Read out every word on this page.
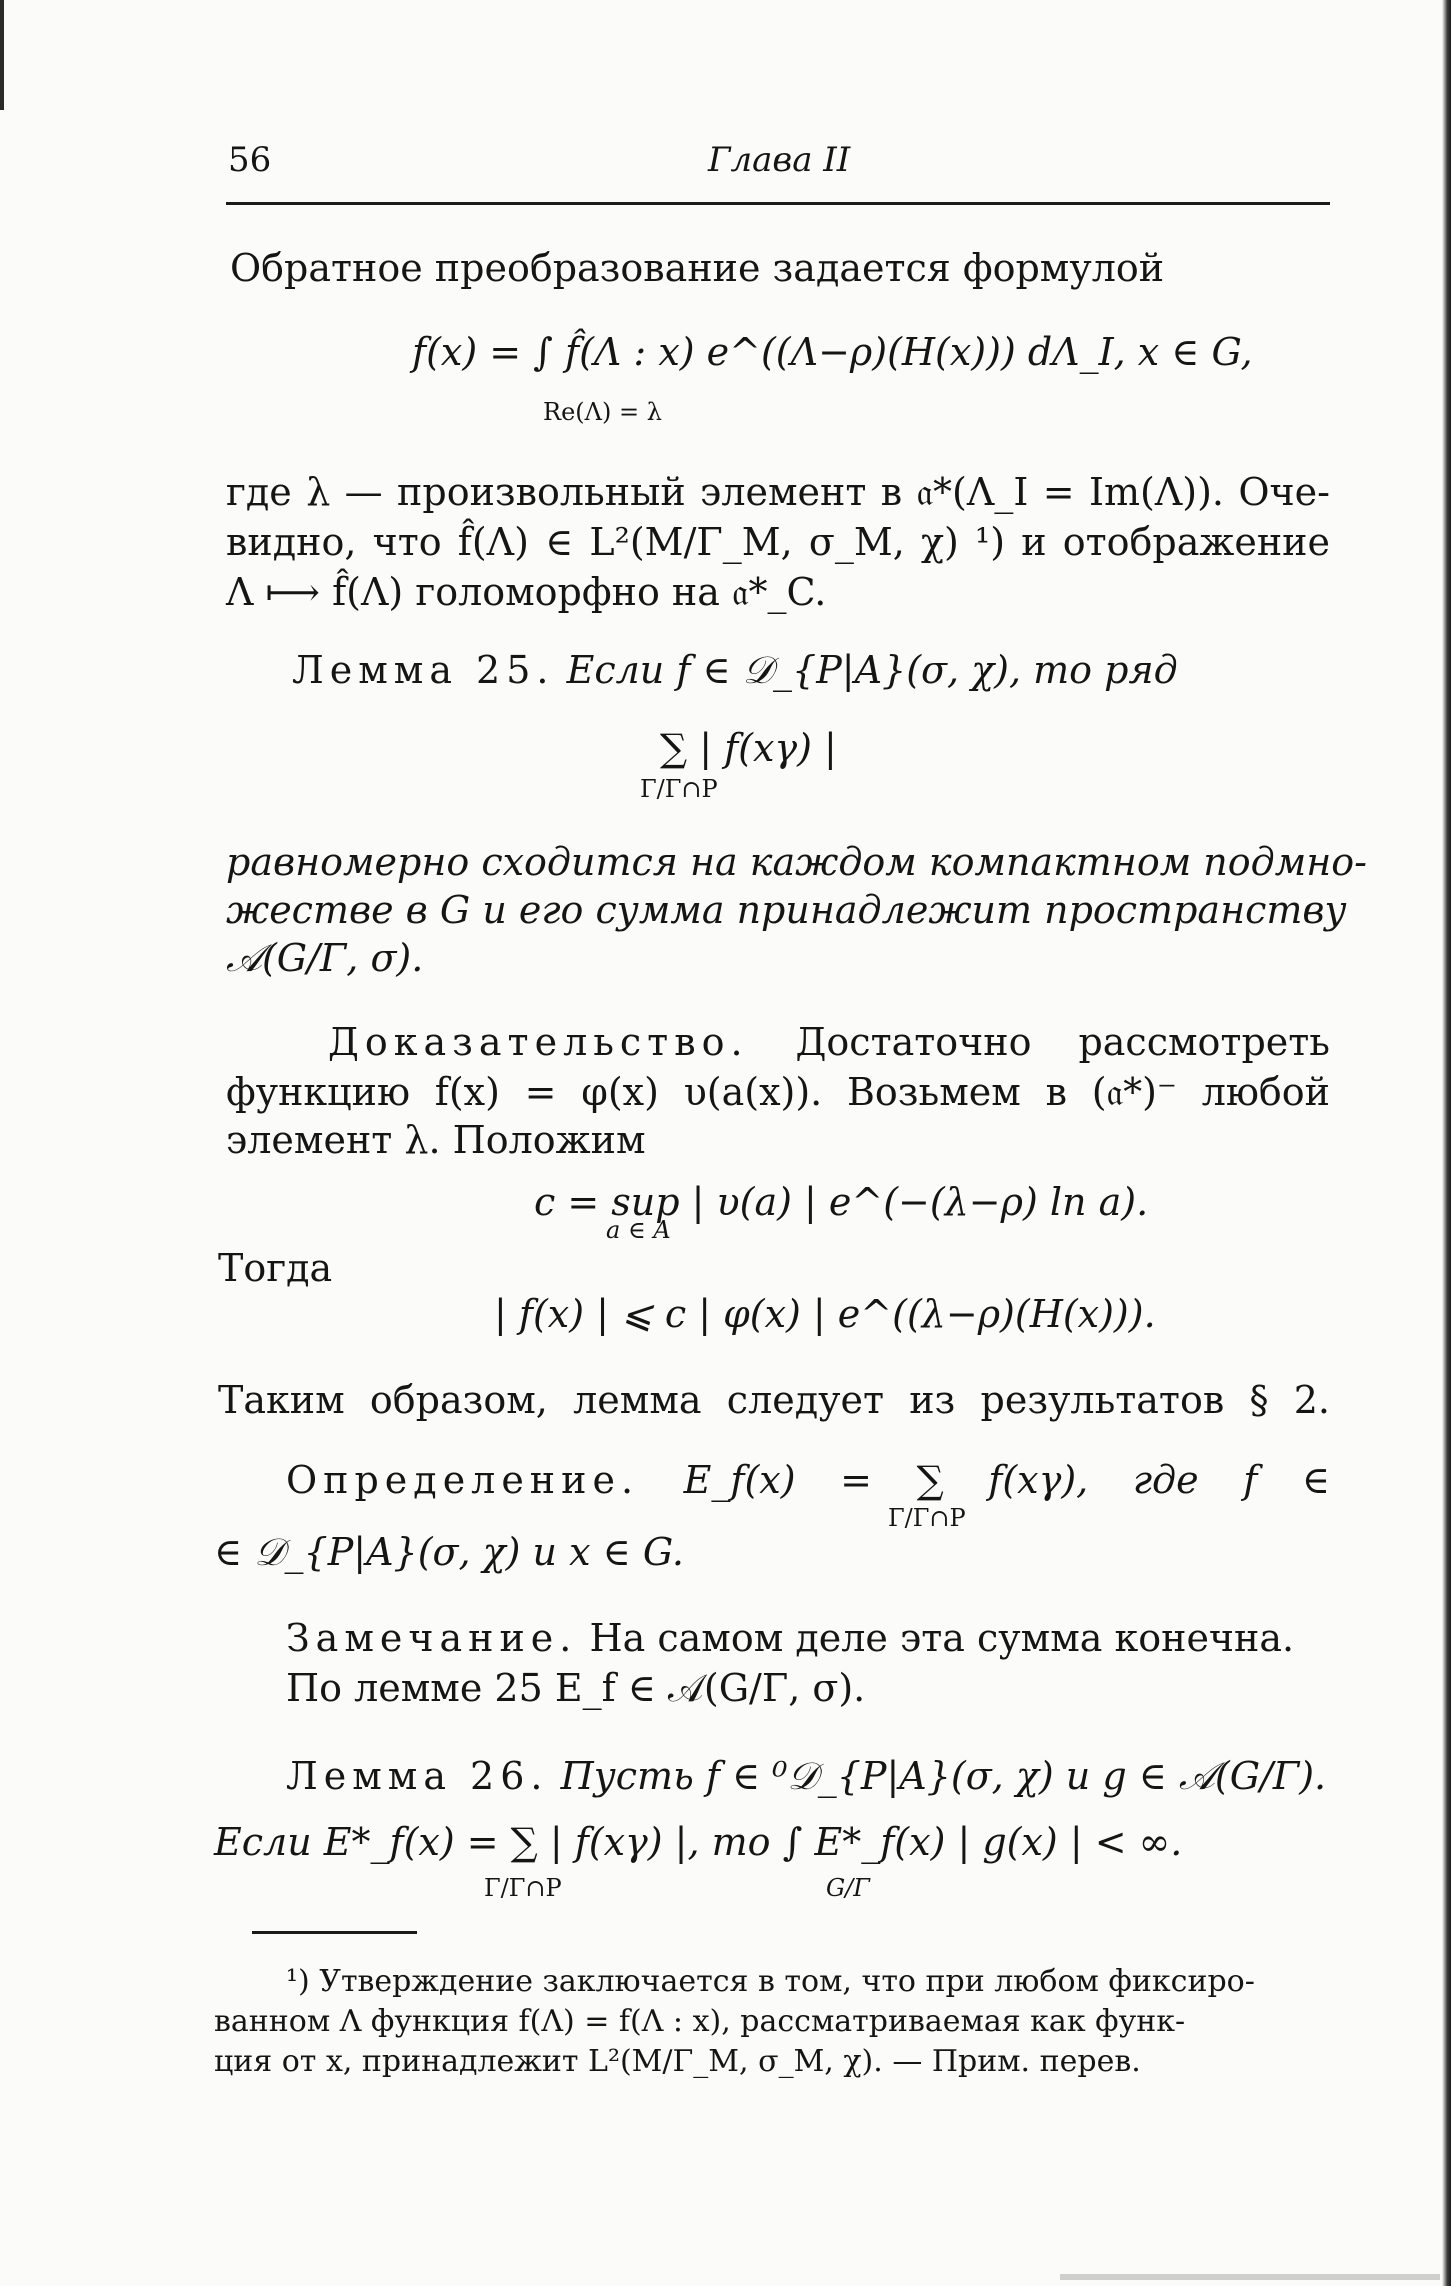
56	Глава II
Обратное преобразование задается формулой
f(x) = ∫ f̂(Λ : x) e^((Λ−ρ)(H(x))) dΛ_I, x ∈ G,
Re(Λ) = λ
где λ — произвольный элемент в 𝔞*(Λ_I = Im(Λ)). Оче-
видно, что f̂(Λ) ∈ L²(M/Γ_M, σ_M, χ) ¹) и отображение
Λ ⟼ f̂(Λ) голоморфно на 𝔞*_C.
Лемма 25. Если f ∈ 𝒟_{P|A}(σ, χ), то ряд
∑ | f(xγ) |
Γ/Γ∩P
равномерно сходится на каждом компактном подмно-
жестве в G и его сумма принадлежит пространству
𝒜(G/Γ, σ).
Доказательство. Достаточно рассмотреть
функцию f(x) = φ(x) υ(a(x)). Возьмем в (𝔞*)⁻ любой
элемент λ. Положим
c = sup | υ(a) | e^(−(λ−ρ) ln a).
a ∈ A
Тогда
| f(x) | ⩽ c | φ(x) | e^((λ−ρ)(H(x))).
Таким образом, лемма следует из результатов § 2.
Определение. E_f(x) = ∑ f(xγ), где f ∈
Γ/Γ∩P
∈ 𝒟_{P|A}(σ, χ) и x ∈ G.
Замечание. На самом деле эта сумма конечна.
По лемме 25 E_f ∈ 𝒜(G/Γ, σ).
Лемма 26. Пусть f ∈ ⁰𝒟_{P|A}(σ, χ) и g ∈ 𝒜(G/Γ).
Если E*_f(x) = ∑ | f(xγ) |, то ∫ E*_f(x) | g(x) | < ∞.
Γ/Γ∩P	G/Γ
¹) Утверждение заключается в том, что при любом фиксиро-
ванном Λ функция f(Λ) = f(Λ : x), рассматриваемая как функ-
ция от x, принадлежит L²(M/Γ_M, σ_M, χ). — Прим. перев.
